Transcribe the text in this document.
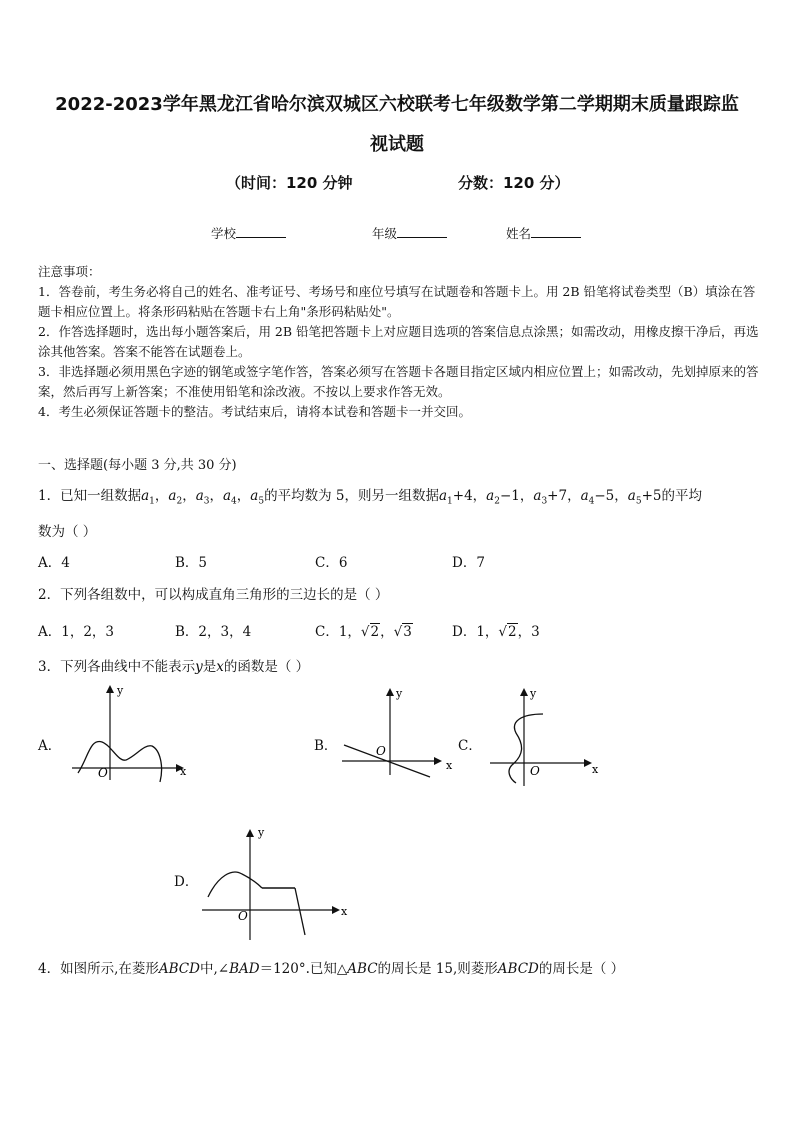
2022-2023学年黑龙江省哈尔滨双城区六校联考七年级数学第二学期期末质量跟踪监
视试题
（时间：120 分钟	分数：120 分）
学校	年级	姓名
注意事项：
1．答卷前，考生务必将自己的姓名、准考证号、考场号和座位号填写在试题卷和答题卡上。用 2B 铅笔将试卷类型（B）填涂在答题卡相应位置上。将条形码粘贴在答题卡右上角"条形码粘贴处"。
2．作答选择题时，选出每小题答案后，用 2B 铅笔把答题卡上对应题目选项的答案信息点涂黑；如需改动，用橡皮擦干净后，再选涂其他答案。答案不能答在试题卷上。
3．非选择题必须用黑色字迹的钢笔或签字笔作答，答案必须写在答题卡各题目指定区域内相应位置上；如需改动，先划掉原来的答案，然后再写上新答案；不准使用铅笔和涂改液。不按以上要求作答无效。
4．考生必须保证答题卡的整洁。考试结束后，请将本试卷和答题卡一并交回。
一、选择题(每小题 3 分,共 30 分)
1．已知一组数据$a_1$，$a_2$，$a_3$，$a_4$，$a_5$的平均数为 5，则另一组数据$a_1+4$，$a_2-1$，$a_3+7$，$a_4-5$，$a_5+5$的平均
数为（ ）
A．4	B．5	C．6	D．7
2．下列各组数中，可以构成直角三角形的三边长的是（ ）
A．1，2，3	B．2，3，4	C．1，√2，√3	D．1，√2，3
3．下列各曲线中不能表示y是x的函数是（ ）
A．	B．	C．
D．
y
x
O
y
x
O
y
x
O
y
x
O
4．如图所示,在菱形ABCD中,∠BAD＝120°.已知△ABC的周长是 15,则菱形ABCD的周长是（ ）
